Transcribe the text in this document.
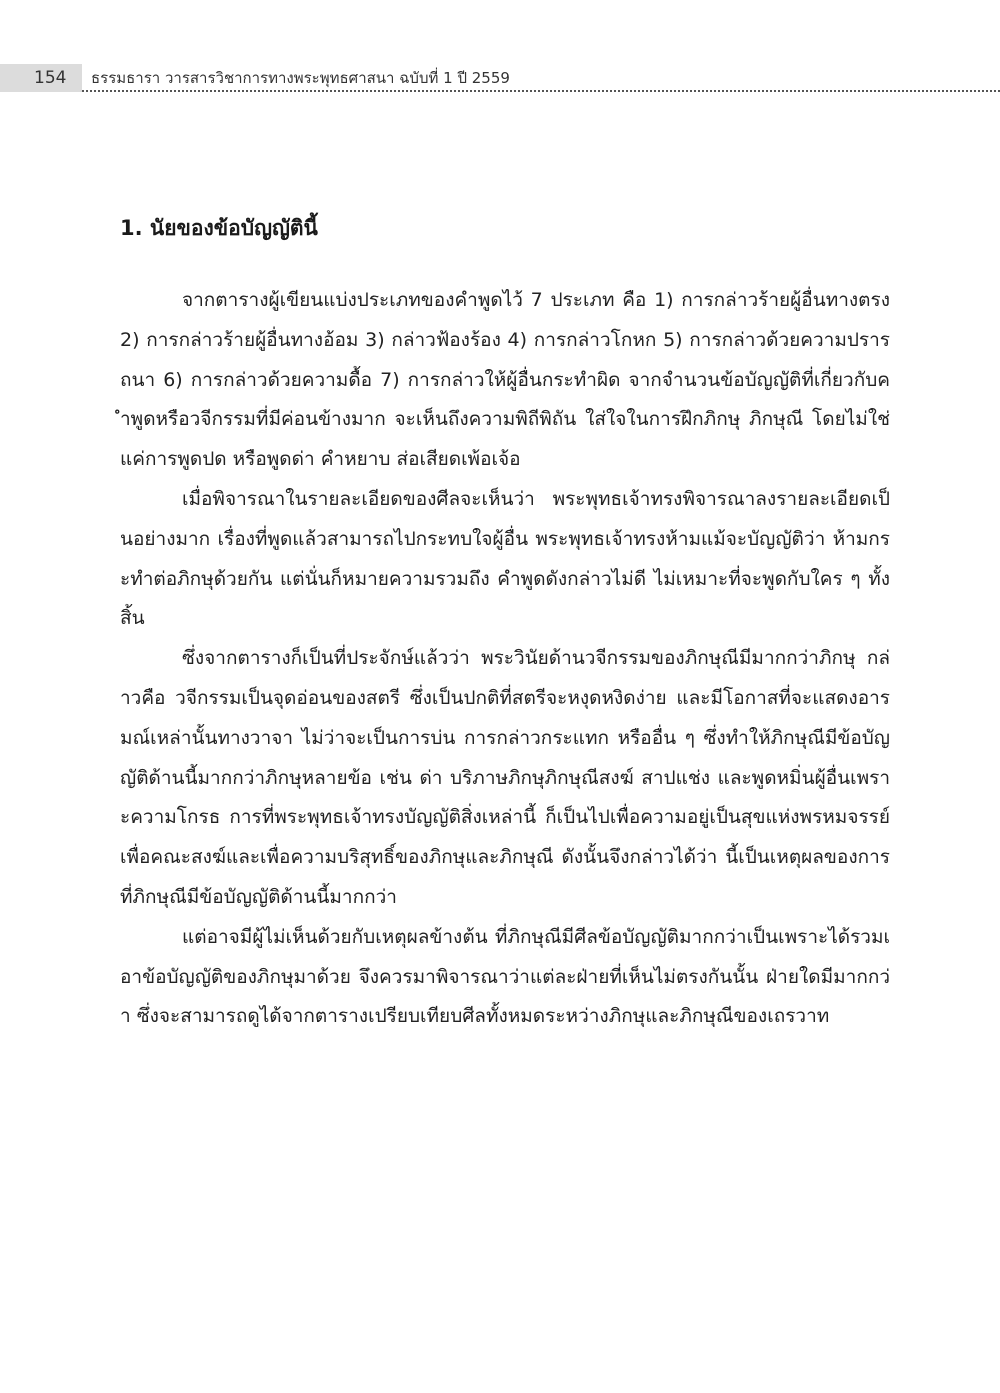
154 ธรรมธารา วารสารวิชาการทางพระพุทธศาสนา ฉบับที่ 1 ปี 2559
1. นัยของข้อบัญญัตินี้

จากตารางผู้เขียนแบ่งประเภทของคำพูดไว้ 7 ประเภท คือ 1) การกล่าวร้ายผู้อื่นทางตรง 2) การกล่าวร้ายผู้อื่นทางอ้อม 3) กล่าวฟ้องร้อง 4) การกล่าวโกหก 5) การกล่าวด้วยความปรารถนา 6) การกล่าวด้วยความดื้อ 7) การกล่าวให้ผู้อื่นกระทำผิด จากจำนวนข้อบัญญัติที่เกี่ยวกับคำพูดหรือวจีกรรมที่มีค่อนข้างมาก จะเห็นถึงความพิถีพิถัน ใส่ใจในการฝึกภิกษุ ภิกษุณี โดยไม่ใช่แค่การพูดปด หรือพูดด่า คำหยาบ ส่อเสียดเพ้อเจ้อ

เมื่อพิจารณาในรายละเอียดของศีลจะเห็นว่า พระพุทธเจ้าทรงพิจารณาลงรายละเอียดเป็นอย่างมาก เรื่องที่พูดแล้วสามารถไปกระทบใจผู้อื่น พระพุทธเจ้าทรงห้ามแม้จะบัญญัติว่า ห้ามกระทำต่อภิกษุด้วยกัน แต่นั่นก็หมายความรวมถึง คำพูดดังกล่าวไม่ดี ไม่เหมาะที่จะพูดกับใคร ๆ ทั้งสิ้น

ซึ่งจากตารางก็เป็นที่ประจักษ์แล้วว่า พระวินัยด้านวจีกรรมของภิกษุณีมีมากกว่าภิกษุ กล่าวคือ วจีกรรมเป็นจุดอ่อนของสตรี ซึ่งเป็นปกติที่สตรีจะหงุดหงิดง่าย และมีโอกาสที่จะแสดงอารมณ์เหล่านั้นทางวาจา ไม่ว่าจะเป็นการบ่น การกล่าวกระแทก หรืออื่น ๆ ซึ่งทำให้ภิกษุณีมีข้อบัญญัติด้านนี้มากกว่าภิกษุหลายข้อ เช่น ด่า บริภาษภิกษุภิกษุณีสงฆ์ สาปแช่ง และพูดหมิ่นผู้อื่นเพราะความโกรธ การที่พระพุทธเจ้าทรงบัญญัติสิ่งเหล่านี้ ก็เป็นไปเพื่อความอยู่เป็นสุขแห่งพรหมจรรย์ เพื่อคณะสงฆ์และเพื่อความบริสุทธิ์ของภิกษุและภิกษุณี ดังนั้นจึงกล่าวได้ว่า นี้เป็นเหตุผลของการที่ภิกษุณีมีข้อบัญญัติด้านนี้มากกว่า

แต่อาจมีผู้ไม่เห็นด้วยกับเหตุผลข้างต้น ที่ภิกษุณีมีศีลข้อบัญญัติมากกว่าเป็นเพราะได้รวมเอาข้อบัญญัติของภิกษุมาด้วย จึงควรมาพิจารณาว่าแต่ละฝ่ายที่เห็นไม่ตรงกันนั้น ฝ่ายใดมีมากกว่า ซึ่งจะสามารถดูได้จากตารางเปรียบเทียบศีลทั้งหมดระหว่างภิกษุและภิกษุณีของเถรวาท
